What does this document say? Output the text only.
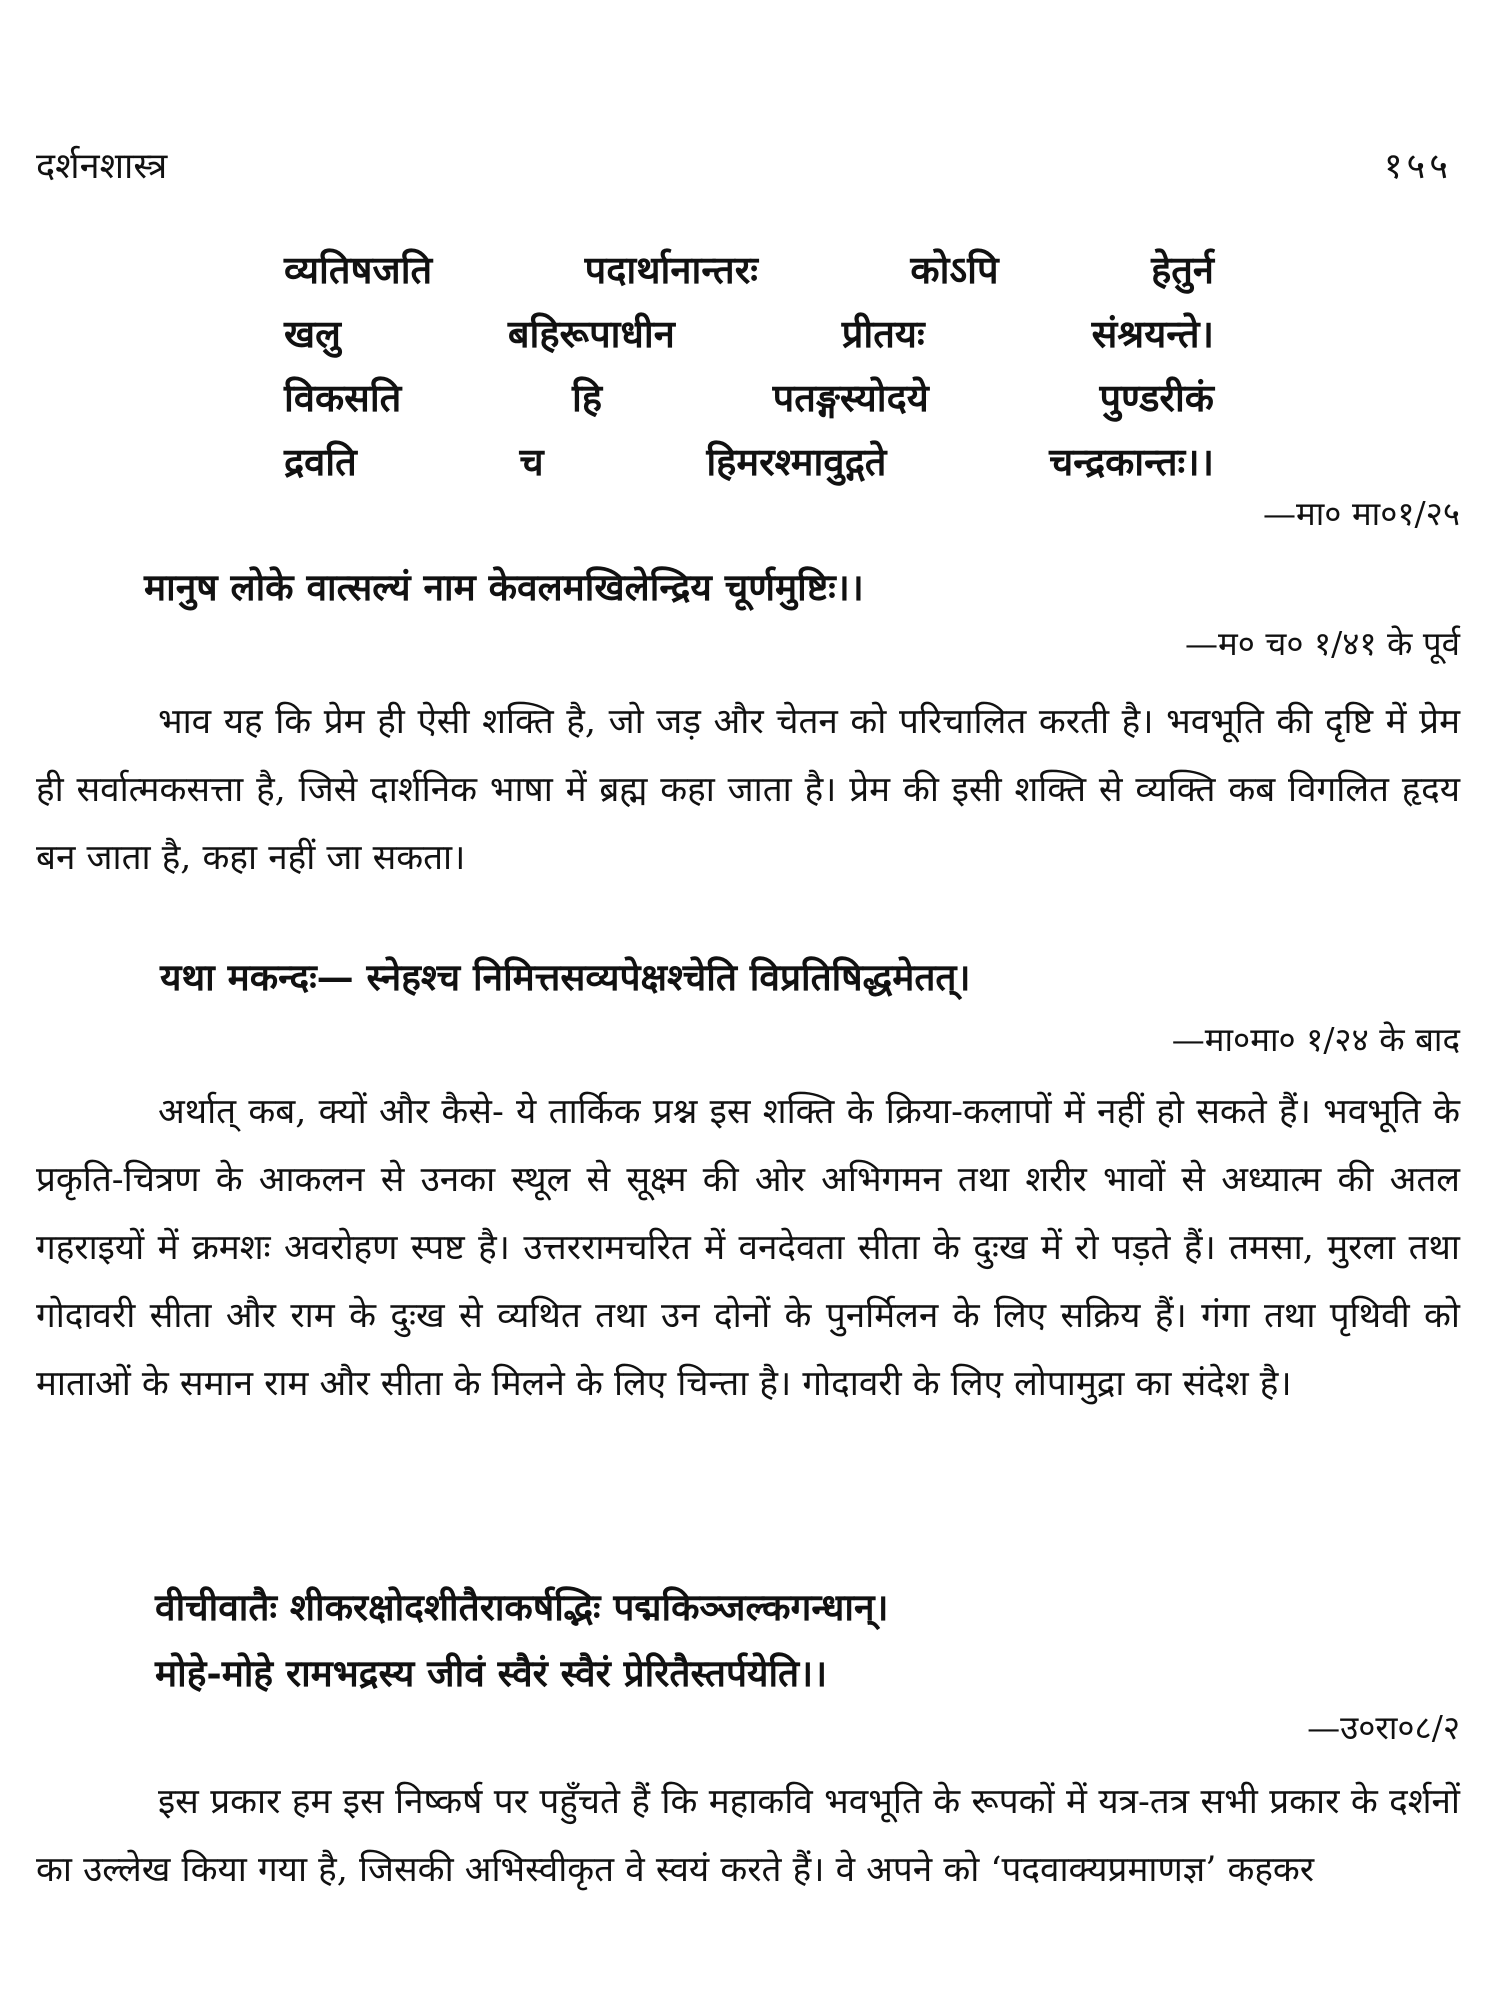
दर्शनशास्त्र	१५५
व्यतिषजति पदार्थानान्तरः कोऽपि हेतुर्न
खलु बहिरूपाधीन प्रीतयः संश्रयन्ते।
विकसति हि पतङ्गस्योदये पुण्डरीकं
द्रवति च हिमरश्मावुद्गते चन्द्रकान्तः।।
—मा० मा०१/२५
मानुष लोके वात्सल्यं नाम केवलमखिलेन्द्रिय चूर्णमुष्टिः।।
—म० च० १/४१ के पूर्व
भाव यह कि प्रेम ही ऐसी शक्ति है, जो जड़ और चेतन को परिचालित करती है। भवभूति की दृष्टि में प्रेम ही सर्वात्मकसत्ता है, जिसे दार्शनिक भाषा में ब्रह्म कहा जाता है। प्रेम की इसी शक्ति से व्यक्ति कब विगलित हृदय बन जाता है, कहा नहीं जा सकता।
यथा मकन्दः— स्नेहश्च निमित्तसव्यपेक्षश्चेति विप्रतिषिद्धमेतत्।
—मा०मा० १/२४ के बाद
अर्थात् कब, क्यों और कैसे- ये तार्किक प्रश्न इस शक्ति के क्रिया-कलापों में नहीं हो सकते हैं। भवभूति के प्रकृति-चित्रण के आकलन से उनका स्थूल से सूक्ष्म की ओर अभिगमन तथा शरीर भावों से अध्यात्म की अतल गहराइयों में क्रमशः अवरोहण स्पष्ट है। उत्तररामचरित में वनदेवता सीता के दुःख में रो पड़ते हैं। तमसा, मुरला तथा गोदावरी सीता और राम के दुःख से व्यथित तथा उन दोनों के पुनर्मिलन के लिए सक्रिय हैं। गंगा तथा पृथिवी को माताओं के समान राम और सीता के मिलने के लिए चिन्ता है। गोदावरी के लिए लोपामुद्रा का संदेश है।
वीचीवातैः शीकरक्षोदशीतैराकर्षद्भिः पद्मकिञ्जल्कगन्धान्।
मोहे-मोहे रामभद्रस्य जीवं स्वैरं स्वैरं प्रेरितैस्तर्पयेति।।
—उ०रा०८/२
इस प्रकार हम इस निष्कर्ष पर पहुँचते हैं कि महाकवि भवभूति के रूपकों में यत्र-तत्र सभी प्रकार के दर्शनों का उल्लेख किया गया है, जिसकी अभिस्वीकृत वे स्वयं करते हैं। वे अपने को ‘पदवाक्यप्रमाणज्ञ’ कहकर
